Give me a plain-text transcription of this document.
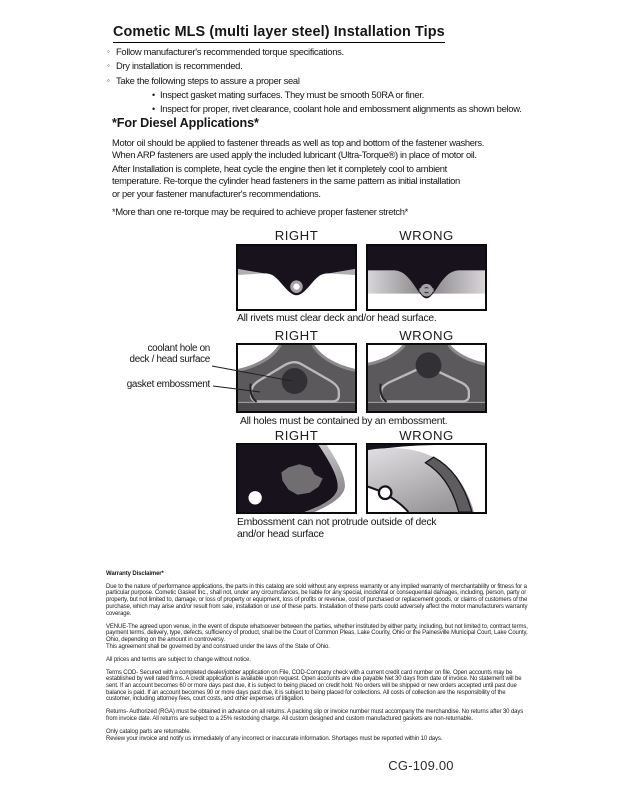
Cometic MLS (multi layer steel) Installation Tips
◦ Follow manufacturer's recommended torque specifications.
◦ Dry installation is recommended.
◦ Take the following steps to assure a proper seal
• Inspect gasket mating surfaces. They must be smooth 50RA or finer.
• Inspect for proper, rivet clearance, coolant hole and embossment alignments as shown below.
*For Diesel Applications*
Motor oil should be applied to fastener threads as well as top and bottom of the fastener washers.
When ARP fasteners are used apply the included lubricant (Ultra-Torque®) in place of motor oil.
After Installation is complete, heat cycle the engine then let it completely cool to ambient
temperature. Re-torque the cylinder head fasteners in the same pattern as initial installation
or per your fastener manufacturer's recommendations.
*More than one re-torque may be required to achieve proper fastener stretch*
RIGHT	WRONG
All rivets must clear deck and/or head surface.
RIGHT	WRONG
All holes must be contained by an embossment.
coolant hole on
deck / head surface
gasket embossment
RIGHT	WRONG
Embossment can not protrude outside of deck
and/or head surface
Warranty Disclaimer*

Due to the nature of performance applications, the parts in this catalog are sold without any express warranty or any implied warranty of merchantability or fitness for a particular purpose. Cometic Gasket Inc., shall not, under any circumstances, be liable for any special, incidental or consequential damages, including, person, party or property, but not limited to, damage, or loss of property or equipment, loss of profits or revenue, cost of purchased or replacement goods, or claims of customers of the purchase, which may arise and/or result from sale, installation or use of these parts. Installation of these parts could adversely affect the motor manufacturers warranty coverage.

VENUE-The agreed upon venue, in the event of dispute whatsoever between the parties, whether instituted by either party, including, but not limited to, contract terms, payment terms, delivery, type, defects, sufficiency of product, shall be the Court of Common Pleas, Lake County, Ohio or the Painesville Municipal Court, Lake County, Ohio, depending on the amount in controversy.

This agreement shall be governed by and construed under the laws of the State of Ohio.

All prices and terms are subject to change without notice.

Terms COD- Secured with a completed dealer/jobber application on File, COD-Company check with a current credit card number on file. Open accounts may be established by well rated firms. A credit application is available upon request. Open accounts are due payable Net 30 days from date of invoice. No statement will be sent. If an account becomes 60 or more days past due, it is subject to being placed on credit hold. No orders will be shipped or new orders accepted until past due balance is paid. If an account becomes 90 or more days past due, it is subject to being placed for collections. All costs of collection are the responsibility of the customer, including attorney fees, court costs, and other expenses of litigation.

Returns- Authorized (RGA) must be obtained in advance on all returns. A packing slip or invoice number must accompany the merchandise. No returns after 30 days from invoice date. All returns are subject to a 25% restocking charge. All custom designed and custom manufactured gaskets are non-returnable.

Only catalog parts are returnable.

Review your invoice and notify us immediately of any incorrect or inaccurate information. Shortages must be reported within 10 days.

CG-109.00
